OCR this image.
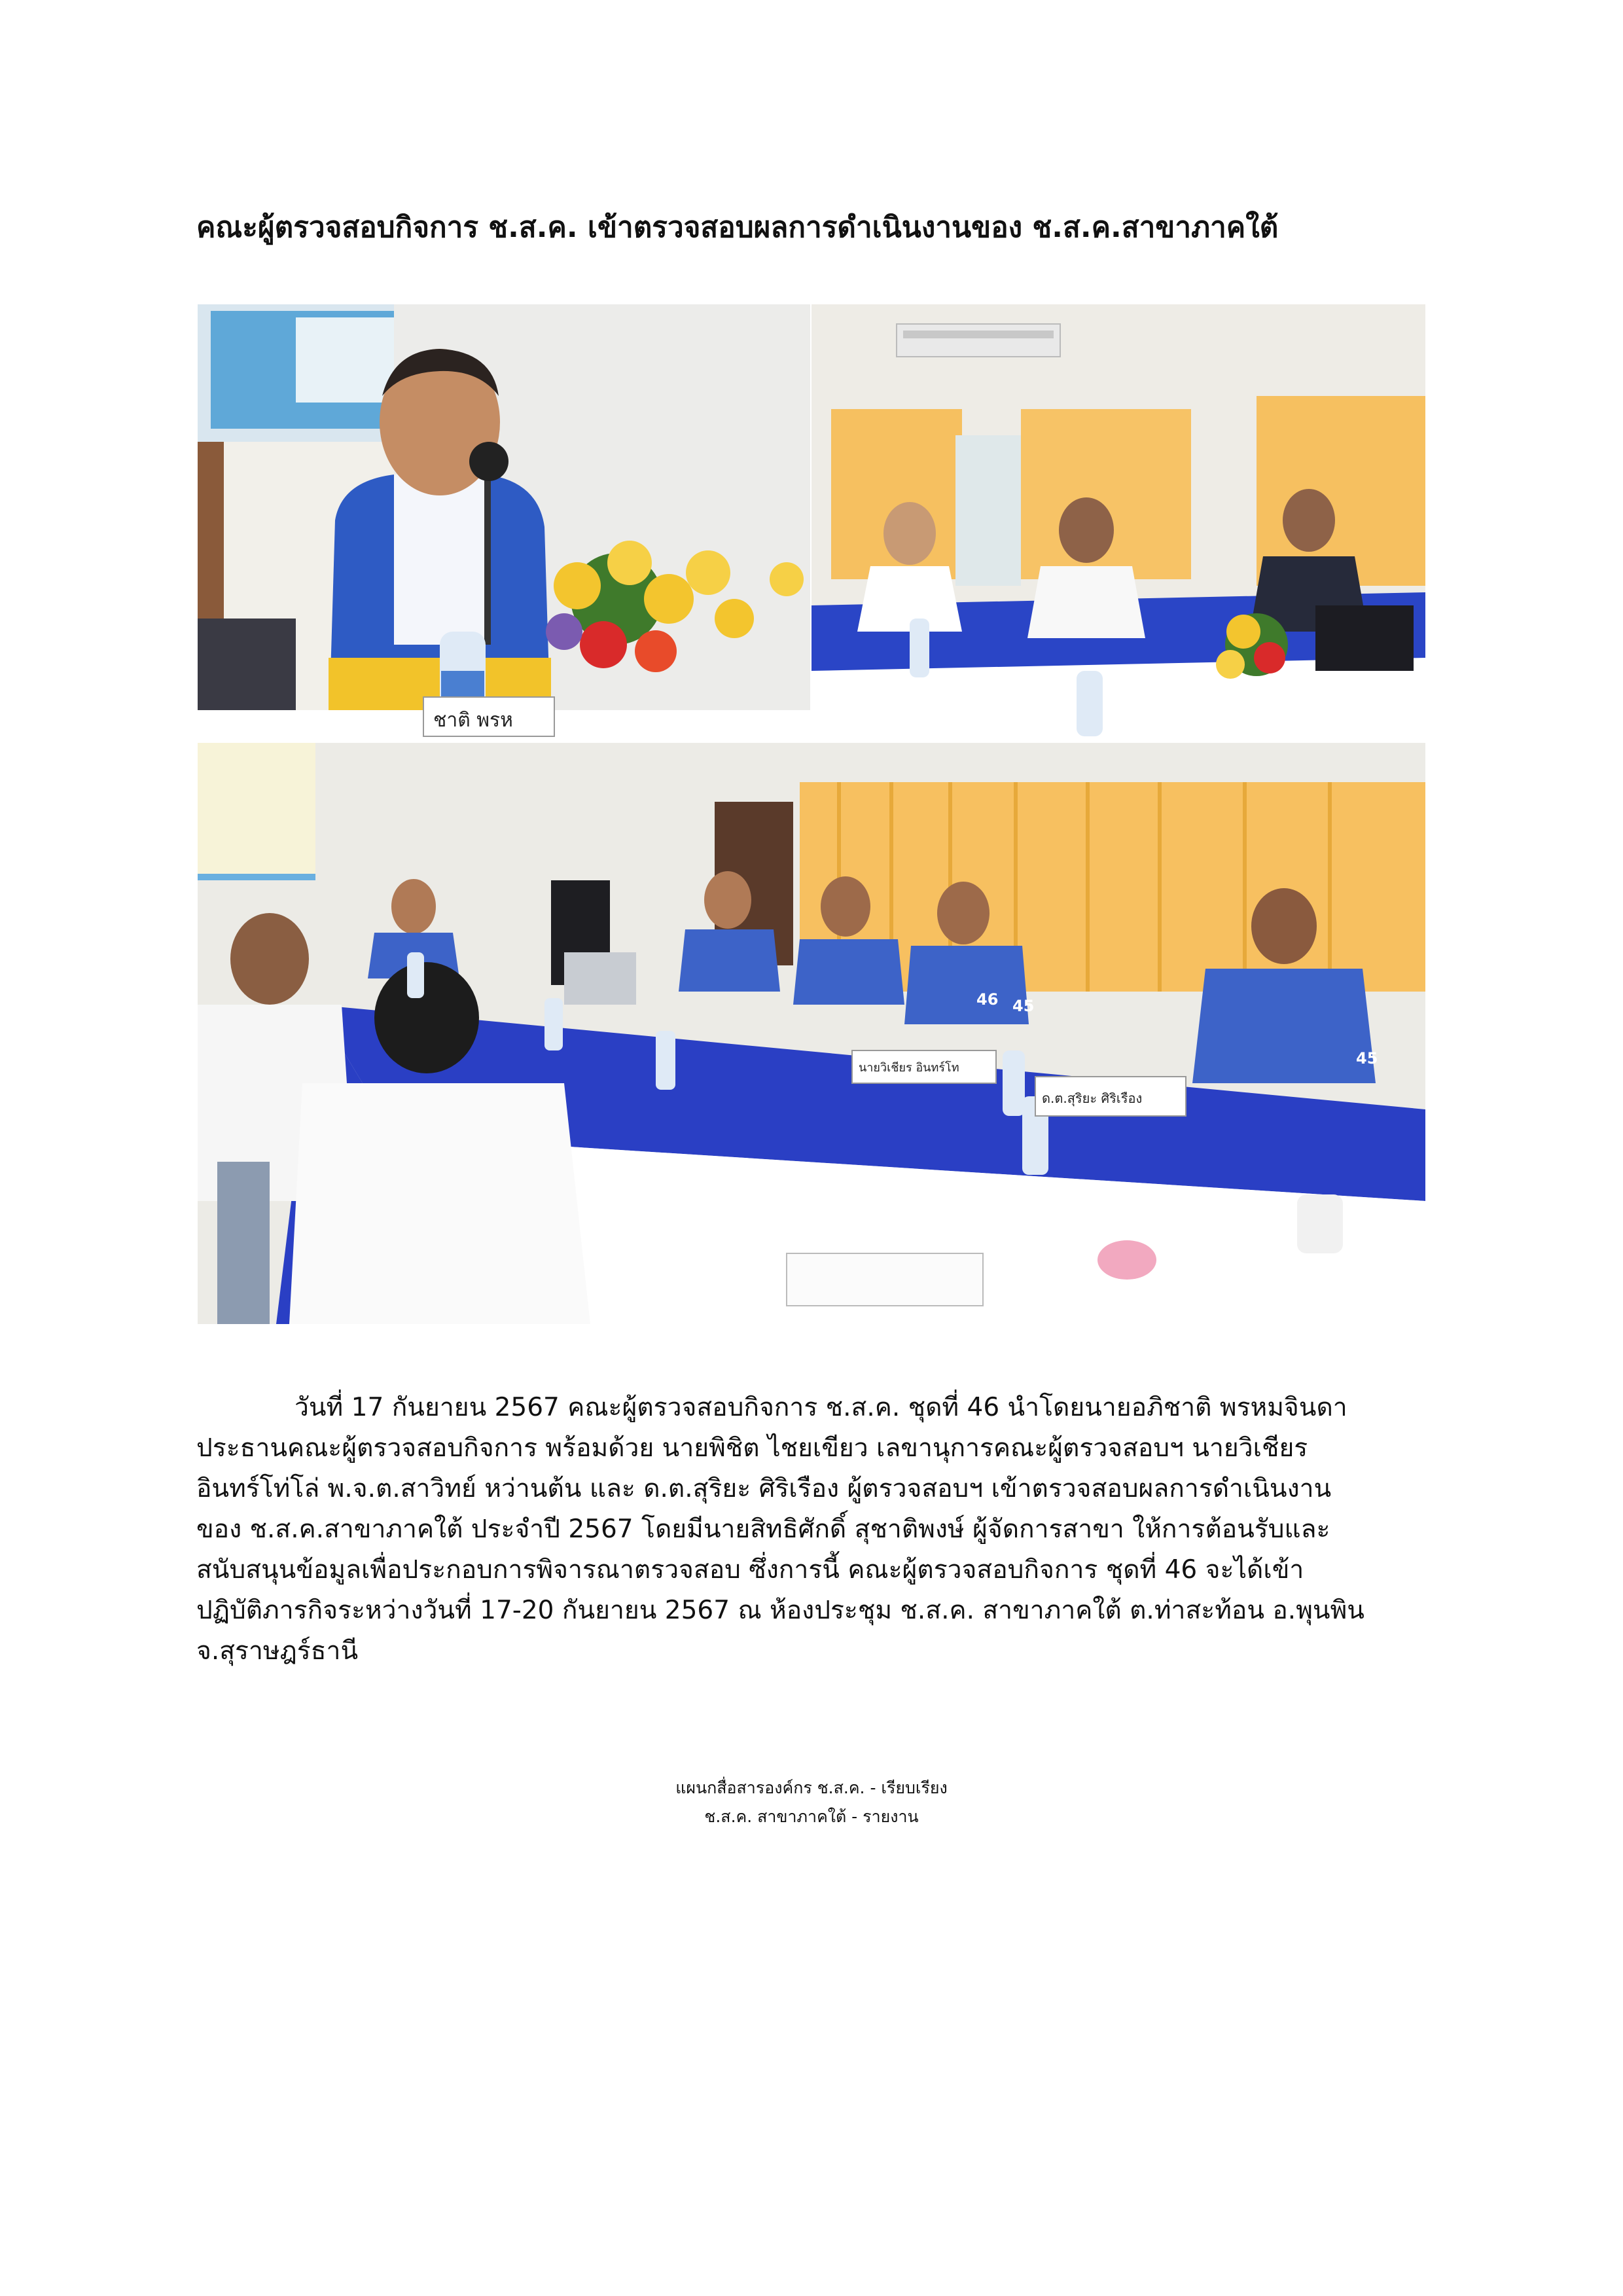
คณะผู้ตรวจสอบกิจการ ช.ส.ค. เข้าตรวจสอบผลการดำเนินงานของ ช.ส.ค.สาขาภาคใต้
ชาติ พรห
45
46
45
ด.ต.สุริยะ ศิริเรือง
นายวิเชียร อินทร์โท
วันที่ 17 กันยายน 2567 คณะผู้ตรวจสอบกิจการ ช.ส.ค. ชุดที่ 46 นำโดยนายอภิชาติ พรหมจินดา
ประธานคณะผู้ตรวจสอบกิจการ พร้อมด้วย นายพิชิต ไชยเขียว เลขานุการคณะผู้ตรวจสอบฯ นายวิเชียร
อินทร์โท่โล่ พ.จ.ต.สาวิทย์ หว่านต้น และ ด.ต.สุริยะ ศิริเรือง ผู้ตรวจสอบฯ เข้าตรวจสอบผลการดำเนินงาน
ของ ช.ส.ค.สาขาภาคใต้ ประจำปี 2567 โดยมีนายสิทธิศักดิ์ สุชาติพงษ์ ผู้จัดการสาขา ให้การต้อนรับและ
สนับสนุนข้อมูลเพื่อประกอบการพิจารณาตรวจสอบ ซึ่งการนี้ คณะผู้ตรวจสอบกิจการ ชุดที่ 46 จะได้เข้า
ปฏิบัติภารกิจระหว่างวันที่ 17-20 กันยายน 2567 ณ ห้องประชุม ช.ส.ค. สาขาภาคใต้ ต.ท่าสะท้อน อ.พุนพิน
จ.สุราษฎร์ธานี
แผนกสื่อสารองค์กร ช.ส.ค. - เรียบเรียง
ช.ส.ค. สาขาภาคใต้ - รายงาน
